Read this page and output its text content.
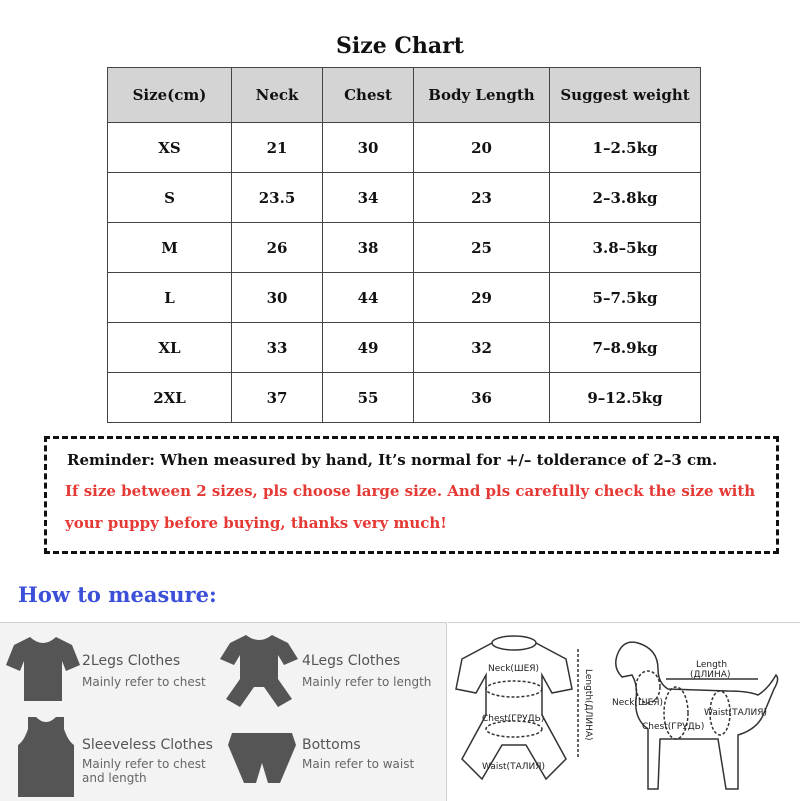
Size Chart
Size(cm)	Neck	Chest	Body Length	Suggest weight
XS	21	30	20	1–2.5kg
S	23.5	34	23	2–3.8kg
M	26	38	25	3.8–5kg
L	30	44	29	5–7.5kg
XL	33	49	32	7–8.9kg
2XL	37	55	36	9–12.5kg
Reminder: When measured by hand, It’s normal for +/– tolderance of 2–3 cm.
If size between 2 sizes, pls choose large size. And pls carefully check the size with
your puppy before buying, thanks very much!
How to measure:
2Legs Clothes
Mainly refer to chest
4Legs Clothes
Mainly refer to length
Sleeveless Clothes
Mainly refer to chest and length
Bottoms
Main refer to waist
Neck(ШЕЯ)
Chest(ГРУДЬ)
Waist(ТАЛИЯ)
Length(ДЛИНА)
Length
(ДЛИНА)
Neck(ШЕЯ)
Chest(ГРУДЬ)
Waist(ТАЛИЯ)
